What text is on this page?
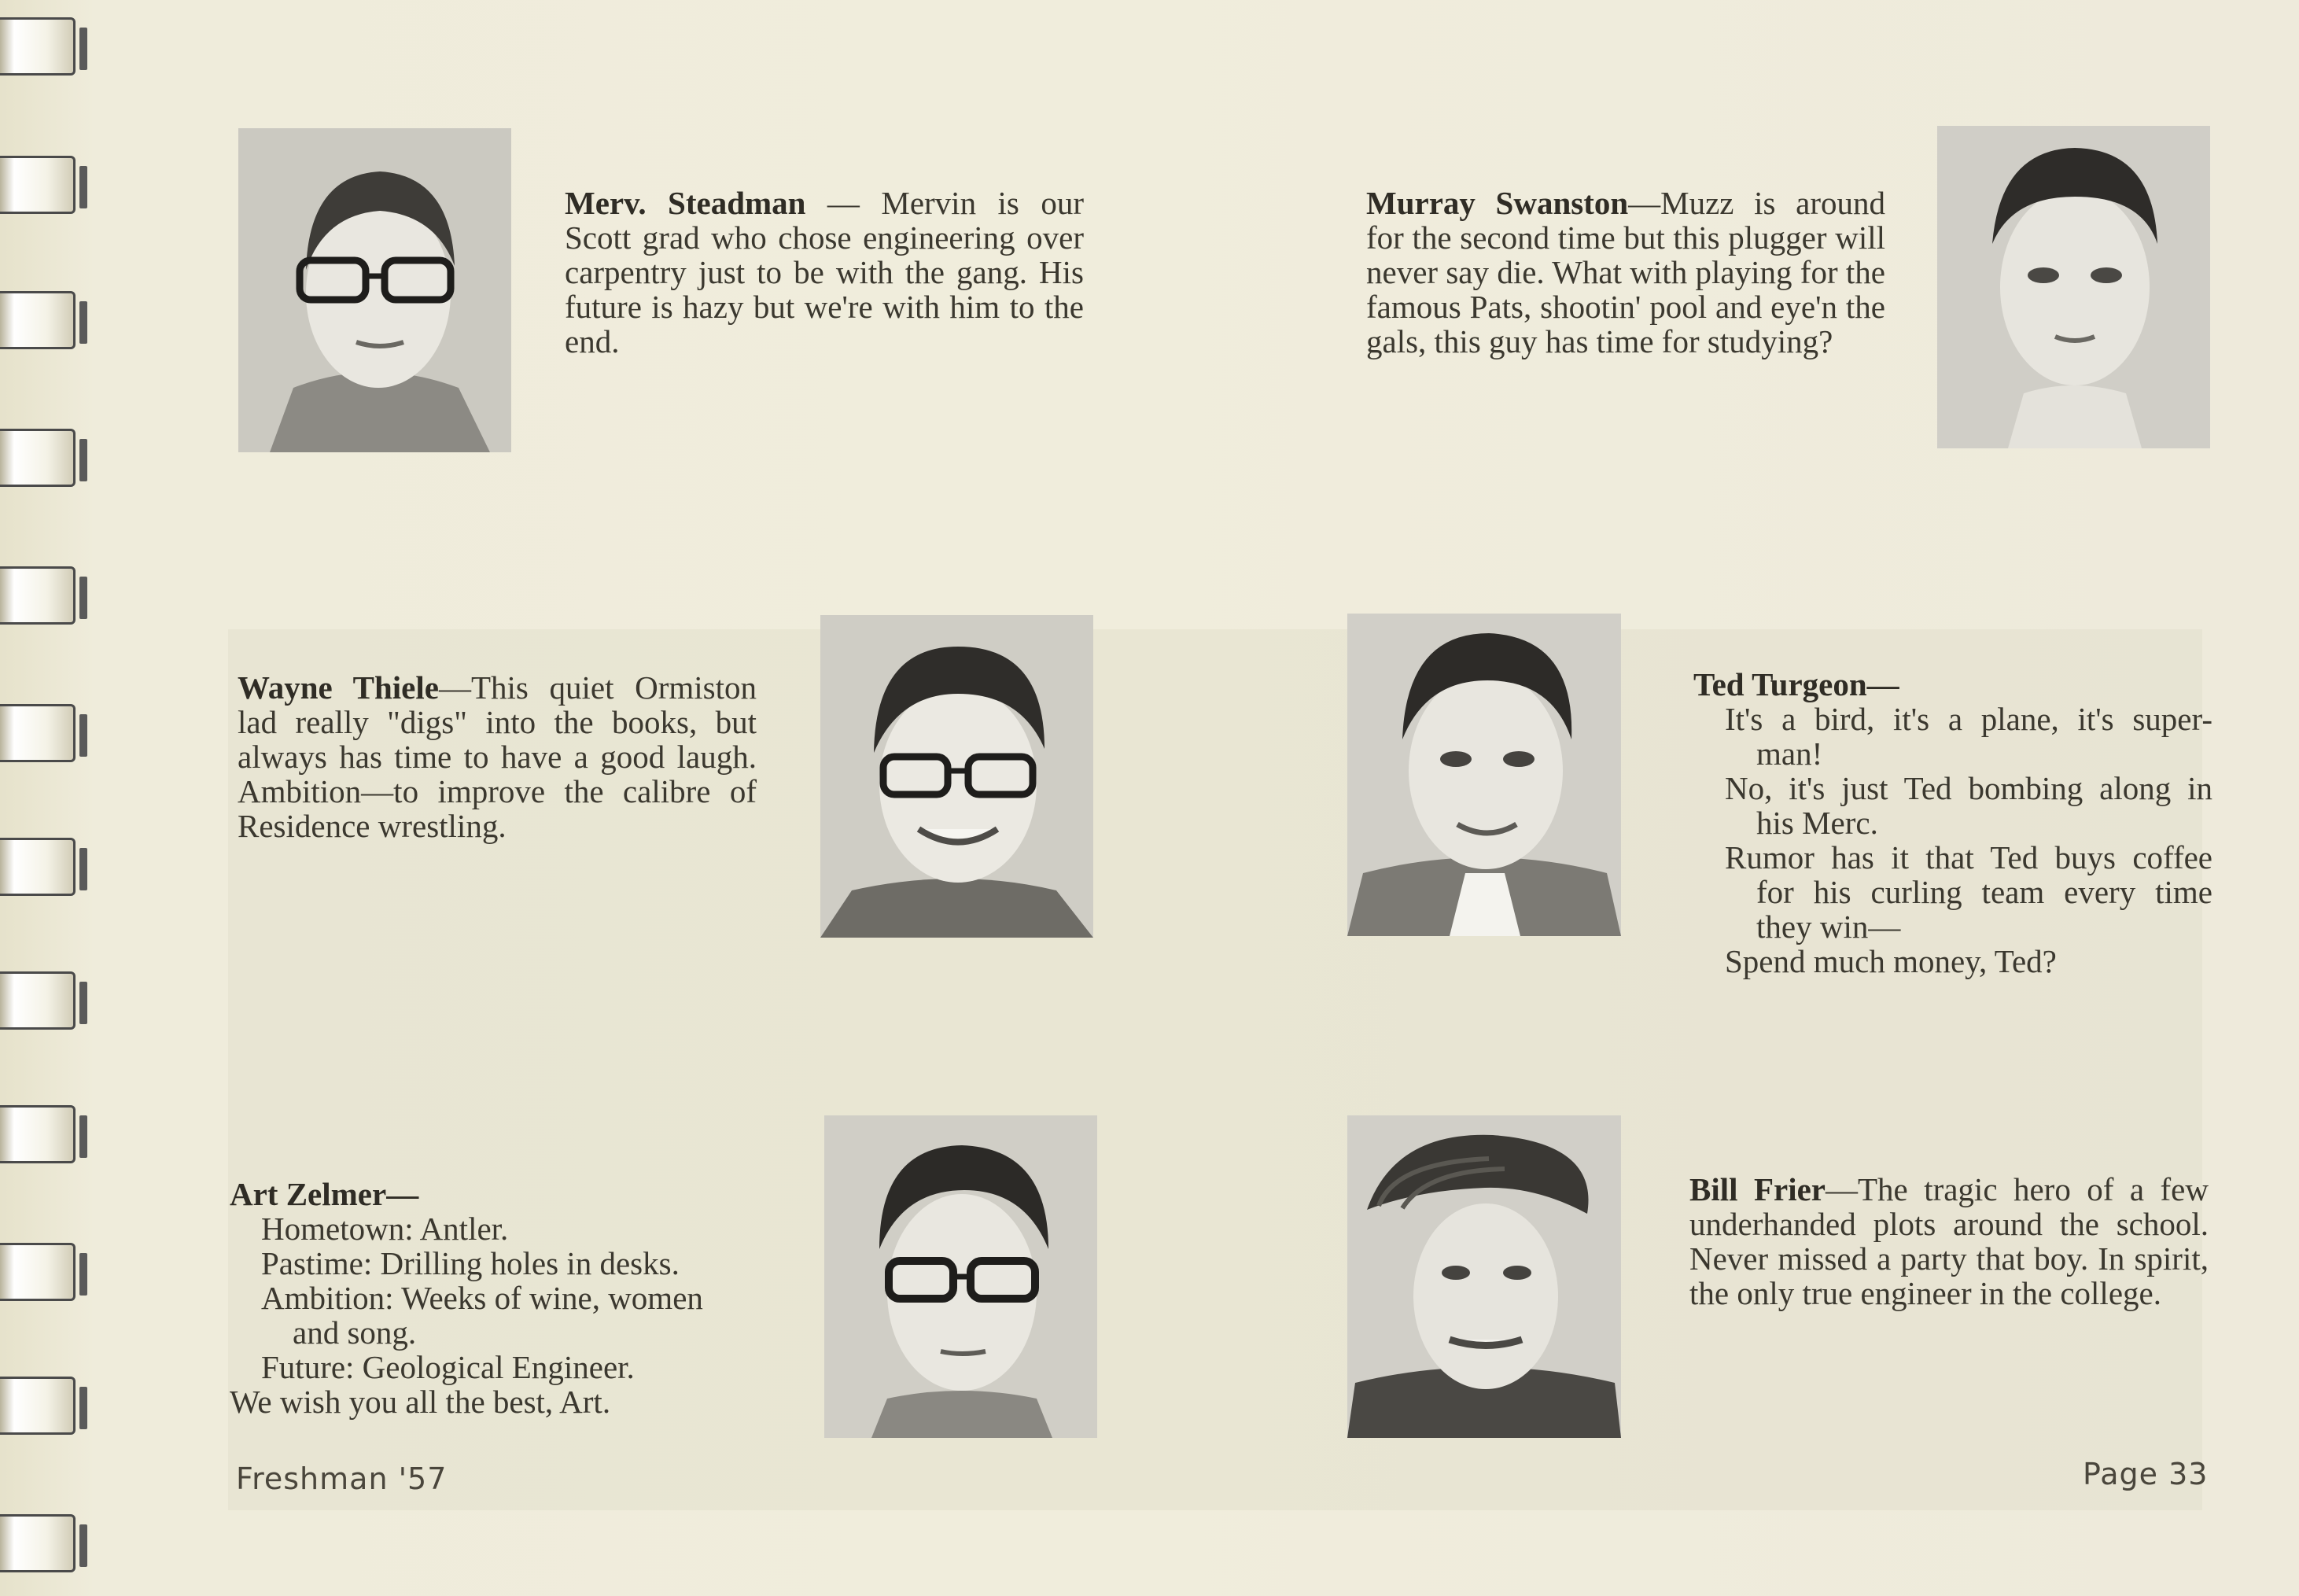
Merv. Steadman — Mervin is our Scott grad who chose engineering over carpentry just to be with the gang. His future is hazy but we're with him to the end.
Murray Swanston—Muzz is around for the second time but this plugger will never say die. What with playing for the famous Pats, shootin' pool and eye'n the gals, this guy has time for studying?
Wayne Thiele—This quiet Ormiston lad really "digs" into the books, but always has time to have a good laugh. Ambition—to improve the calibre of Residence wrestling.
Ted Turgeon—
It's a bird, it's a plane, it's super-
man!
No, it's just Ted bombing along in
his Merc.
Rumor has it that Ted buys coffee
for his curling team every time
they win—
Spend much money, Ted?
Art Zelmer—
Hometown: Antler.
Pastime: Drilling holes in desks.
Ambition: Weeks of wine, women
and song.
Future: Geological Engineer.
We wish you all the best, Art.
Bill Frier—The tragic hero of a few underhanded plots around the school. Never missed a party that boy. In spirit, the only true engineer in the college.
Freshman '57	Page 33
